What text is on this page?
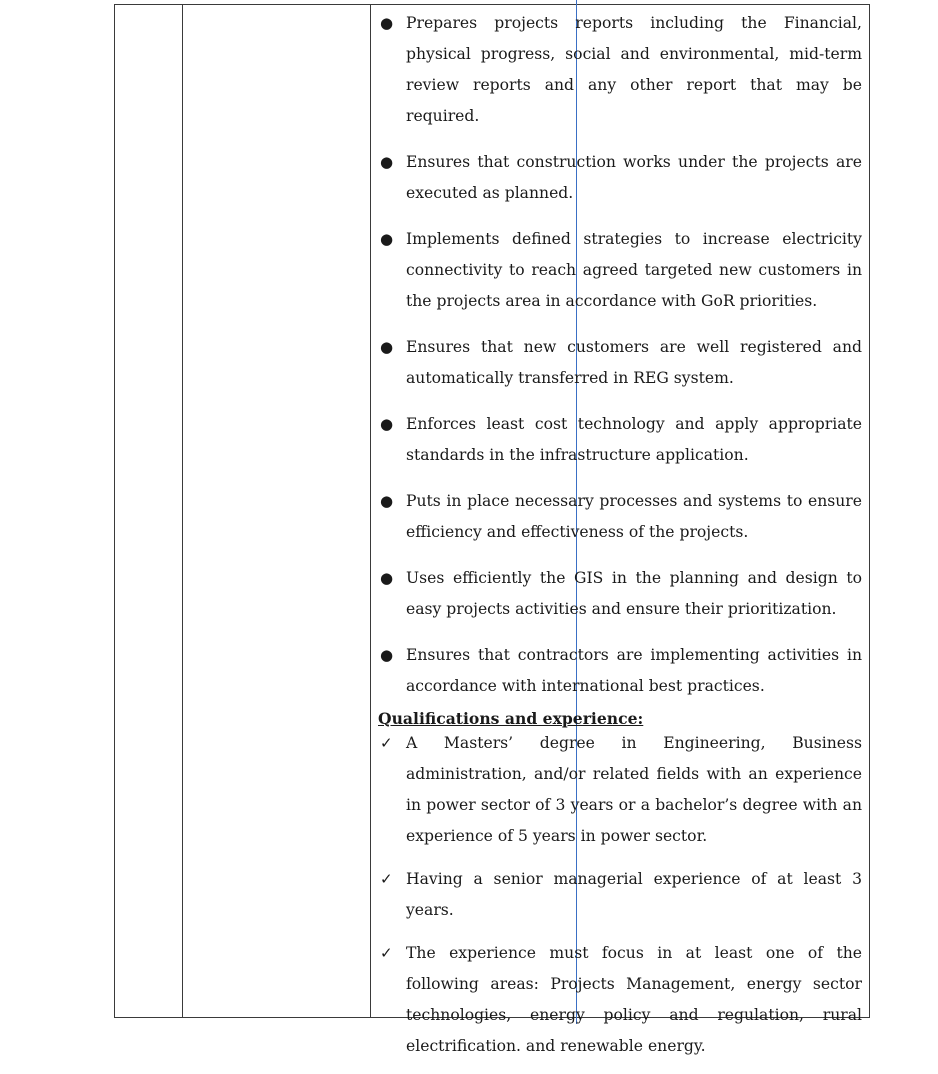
● Prepares projects reports including the Financial, physical progress, social and environmental, mid-term review reports and any other report that may be required.
● Ensures that construction works under the projects are executed as planned.
● Implements defined strategies to increase electricity connectivity to reach agreed targeted new customers in the projects area in accordance with GoR priorities.
● Ensures that new customers are well registered and automatically transferred in REG system.
● Enforces least cost technology and apply appropriate standards in the infrastructure application.
● Puts in place necessary processes and systems to ensure efficiency and effectiveness of the projects.
● Uses efficiently the GIS in the planning and design to easy projects activities and ensure their prioritization.
● Ensures that contractors are implementing activities in accordance with international best practices.
Qualifications and experience:
✓ A Masters’ degree in Engineering, Business administration, and/or related fields with an experience in power sector of 3 years or a bachelor’s degree with an experience of 5 years in power sector.
✓ Having a senior managerial experience of at least 3 years.
✓ The experience must focus in at least one of the following areas: Projects Management, energy sector technologies, energy policy and regulation, rural electrification. and renewable energy.
